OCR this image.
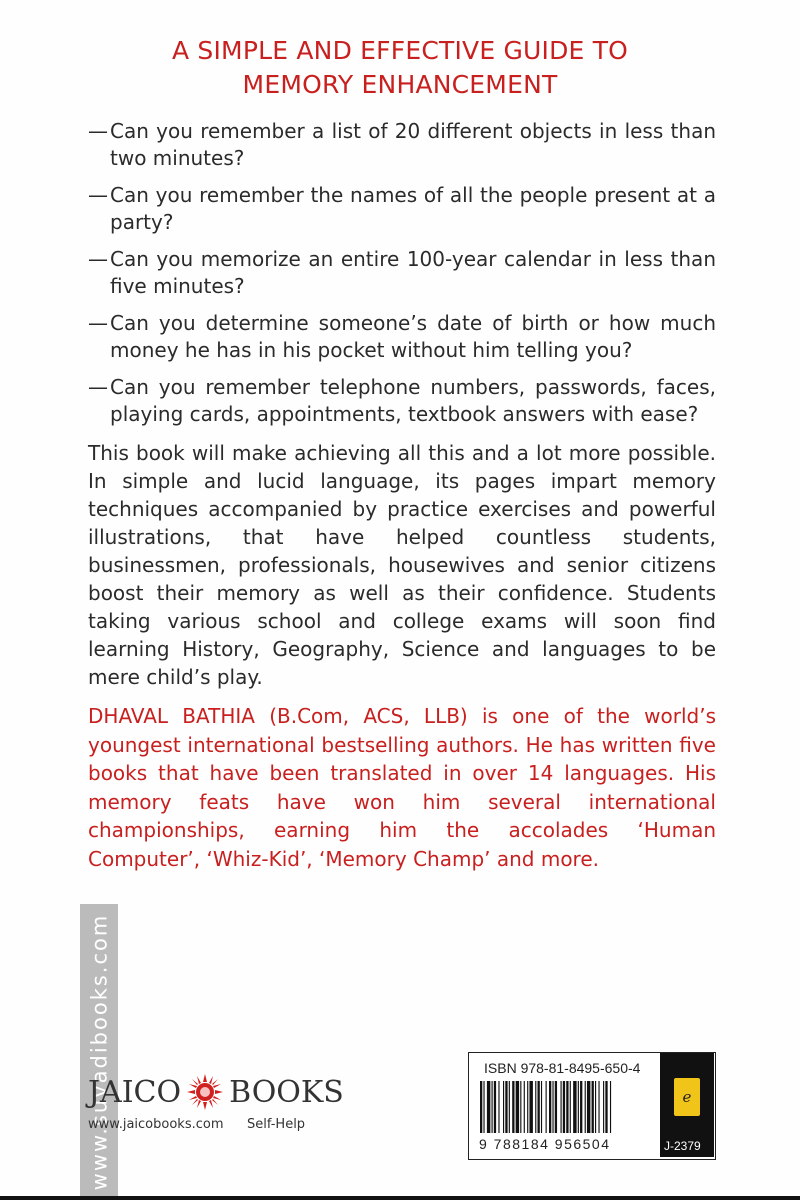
A SIMPLE AND EFFECTIVE GUIDE TO
MEMORY ENHANCEMENT
— Can you remember a list of 20 different objects in less than two minutes?
— Can you remember the names of all the people present at a party?
— Can you memorize an entire 100-year calendar in less than five minutes?
— Can you determine someone’s date of birth or how much money he has in his pocket without him telling you?
— Can you remember telephone numbers, passwords, faces, playing cards, appointments, textbook answers with ease?

This book will make achieving all this and a lot more possible. In simple and lucid language, its pages impart memory techniques accompanied by practice exercises and powerful illustrations, that have helped countless students, businessmen, professionals, housewives and senior citizens boost their memory as well as their confidence. Students taking various school and college exams will soon find learning History, Geography, Science and languages to be mere child’s play.

DHAVAL BATHIA (B.Com, ACS, LLB) is one of the world’s youngest international bestselling authors. He has written five books that have been translated in over 14 languages. His memory feats have won him several international championships, earning him the accolades ‘Human Computer’, ‘Whiz-Kid’, ‘Memory Champ’ and more.

www.suvadibooks.com
JAICO BOOKS
www.jaicobooks.com Self-Help
ISBN 978-81-8495-650-4
9 788184 956504
e
J-2379
